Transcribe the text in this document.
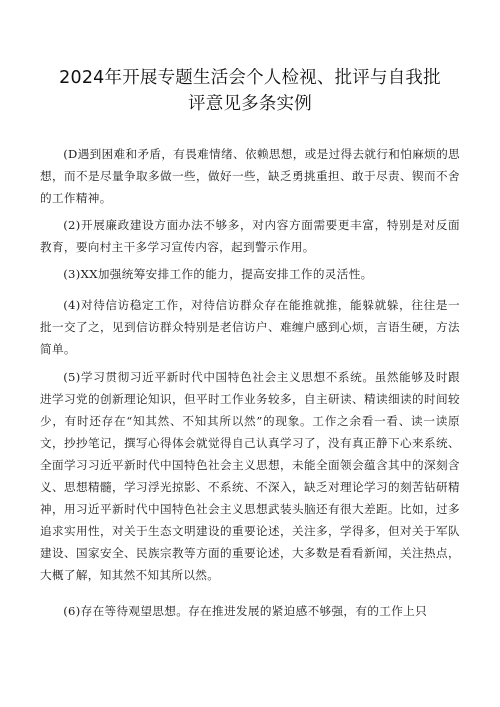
2024年开展专题生活会个人检视、批评与自我批
评意见多条实例

(D遇到困难和矛盾，有畏难情绪、依赖思想，或是过得去就行和怕麻烦的思想，而不是尽量争取多做一些，做好一些，缺乏勇挑重担、敢于尽责、锲而不舍的工作精神。

(2)开展廉政建设方面办法不够多，对内容方面需要更丰富，特别是对反面教育，要向村主干多学习宣传内容，起到警示作用。

(3)XX加强统筹安排工作的能力，提高安排工作的灵活性。

(4)对待信访稳定工作，对待信访群众存在能推就推，能躲就躲，往往是一批一交了之，见到信访群众特别是老信访户、难缠户感到心烦，言语生硬，方法简单。

(5)学习贯彻习近平新时代中国特色社会主义思想不系统。虽然能够及时跟进学习党的创新理论知识，但平时工作业务较多，自主研读、精读细读的时间较少，有时还存在“知其然、不知其所以然”的现象。工作之余看一看、读一读原文，抄抄笔记，撰写心得体会就觉得自己认真学习了，没有真正静下心来系统、全面学习习近平新时代中国特色社会主义思想，未能全面领会蕴含其中的深刻含义、思想精髓，学习浮光掠影、不系统、不深入，缺乏对理论学习的刻苦钻研精神，用习近平新时代中国特色社会主义思想武装头脑还有很大差距。比如，过多追求实用性，对关于生态文明建设的重要论述，关注多，学得多，但对关于军队建设、国家安全、民族宗教等方面的重要论述，大多数是看看新闻，关注热点，大概了解，知其然不知其所以然。

(6)存在等待观望思想。存在推进发展的紧迫感不够强，有的工作上只
